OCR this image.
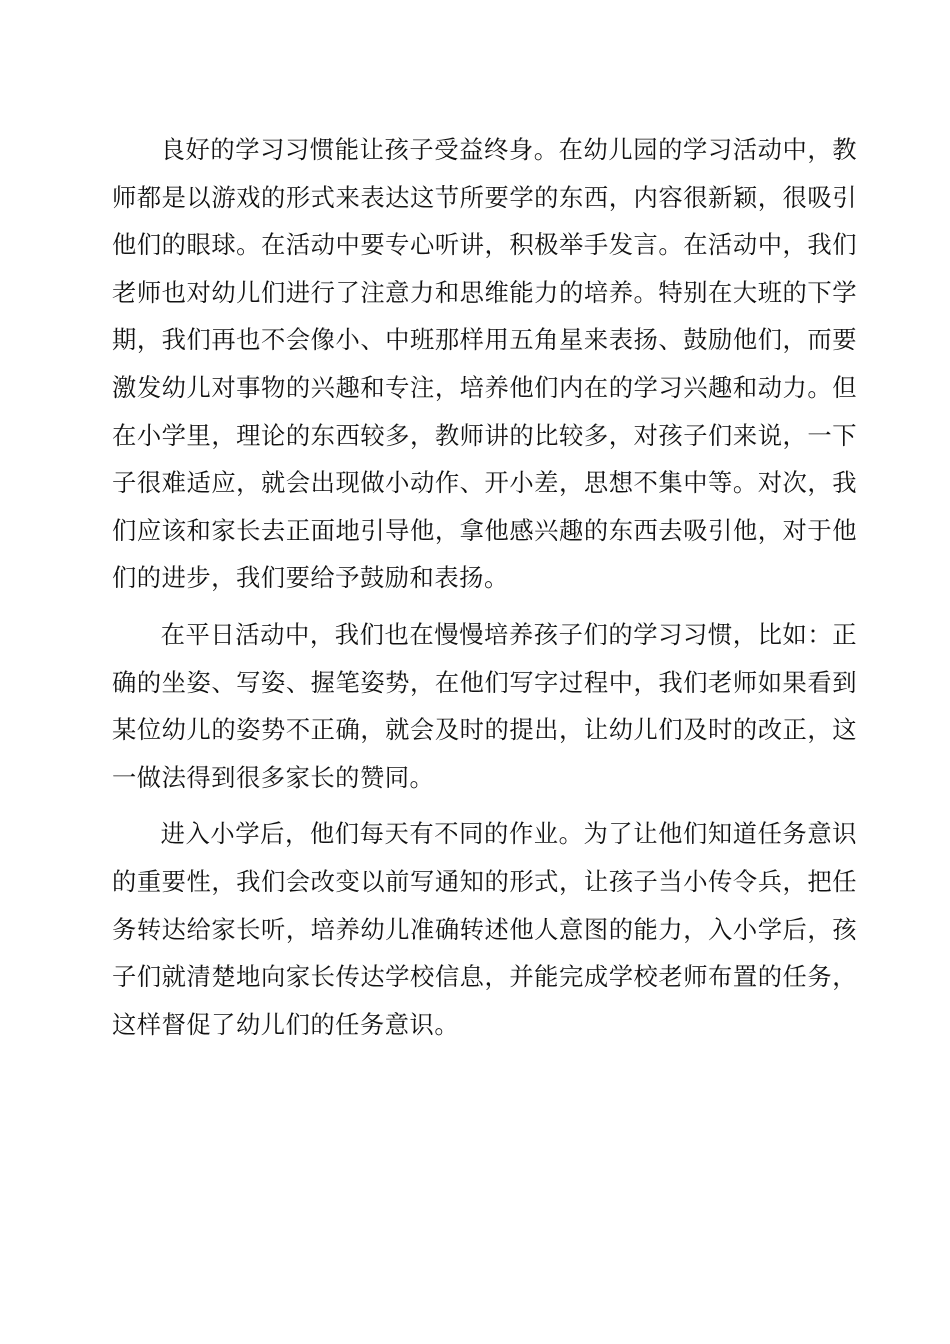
良好的学习习惯能让孩子受益终身。在幼儿园的学习活动中，教师都是以游戏的形式来表达这节所要学的东西，内容很新颖，很吸引他们的眼球。在活动中要专心听讲，积极举手发言。在活动中，我们老师也对幼儿们进行了注意力和思维能力的培养。特别在大班的下学期，我们再也不会像小、中班那样用五角星来表扬、鼓励他们，而要激发幼儿对事物的兴趣和专注，培养他们内在的学习兴趣和动力。但在小学里，理论的东西较多，教师讲的比较多，对孩子们来说，一下子很难适应，就会出现做小动作、开小差，思想不集中等。对次，我们应该和家长去正面地引导他，拿他感兴趣的东西去吸引他，对于他们的进步，我们要给予鼓励和表扬。

在平日活动中，我们也在慢慢培养孩子们的学习习惯，比如：正确的坐姿、写姿、握笔姿势，在他们写字过程中，我们老师如果看到某位幼儿的姿势不正确，就会及时的提出，让幼儿们及时的改正，这一做法得到很多家长的赞同。

进入小学后，他们每天有不同的作业。为了让他们知道任务意识的重要性，我们会改变以前写通知的形式，让孩子当小传令兵，把任务转达给家长听，培养幼儿准确转述他人意图的能力，入小学后，孩子们就清楚地向家长传达学校信息，并能完成学校老师布置的任务，这样督促了幼儿们的任务意识。
